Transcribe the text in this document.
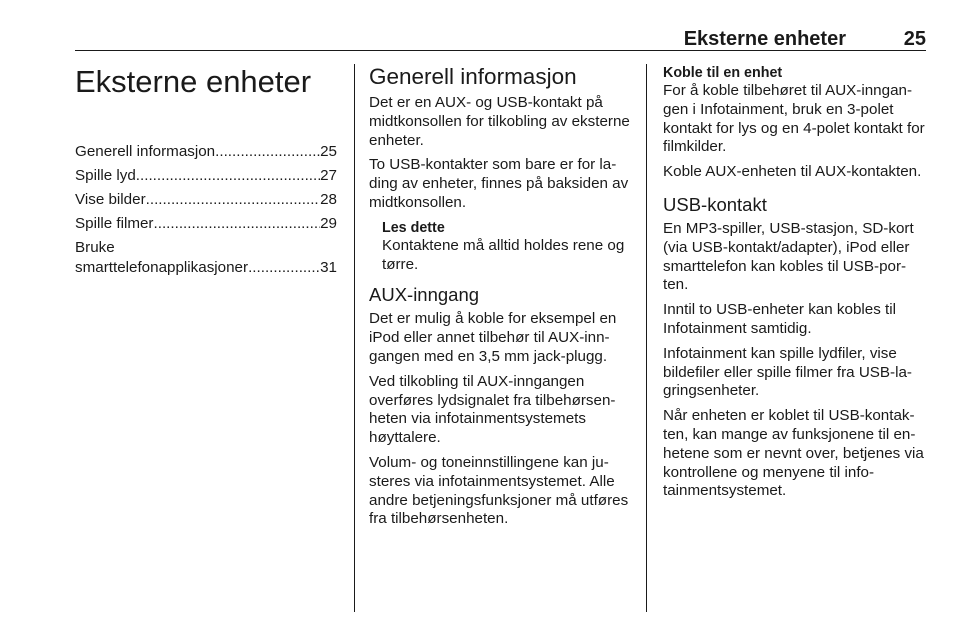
Eksterne enheter	25
Eksterne enheter
Generell informasjon .....	25
Spille lyd .....	27
Vise bilder .....	28
Spille filmer .....	29
Bruke
smarttelefonapplikasjoner .....	31
Generell informasjon

Det er en AUX- og USB-kontakt på midtkonsollen for tilkobling av eksterne enheter.

To USB-kontakter som bare er for lading av enheter, finnes på baksiden av midtkonsollen.

Les dette
Kontaktene må alltid holdes rene og tørre.
AUX-inngang

Det er mulig å koble for eksempel en iPod eller annet tilbehør til AUX-inngangen med en 3,5 mm jack-plugg.

Ved tilkobling til AUX-inngangen overføres lydsignalet fra tilbehørsenheten via infotainmentsystemets høyttalere.

Volum- og toneinnstillingene kan justeres via infotainmentsystemet. Alle andre betjeningsfunksjoner må utføres fra tilbehørsenheten.

Koble til en enhet

For å koble tilbehøret til AUX-inngangen i Infotainment, bruk en 3-polet kontakt for lys og en 4-polet kontakt for filmkilder.

Koble AUX-enheten til AUX-kontakten.

USB-kontakt

En MP3-spiller, USB-stasjon, SD-kort (via USB-kontakt/adapter), iPod eller smarttelefon kan kobles til USB-porten.

Inntil to USB-enheter kan kobles til Infotainment samtidig.

Infotainment kan spille lydfiler, vise bildefiler eller spille filmer fra USB-lagringsenheter.

Når enheten er koblet til USB-kontakten, kan mange av funksjonene til enhetene som er nevnt over, betjenes via kontrollene og menyene til infotainmentsystemet.
